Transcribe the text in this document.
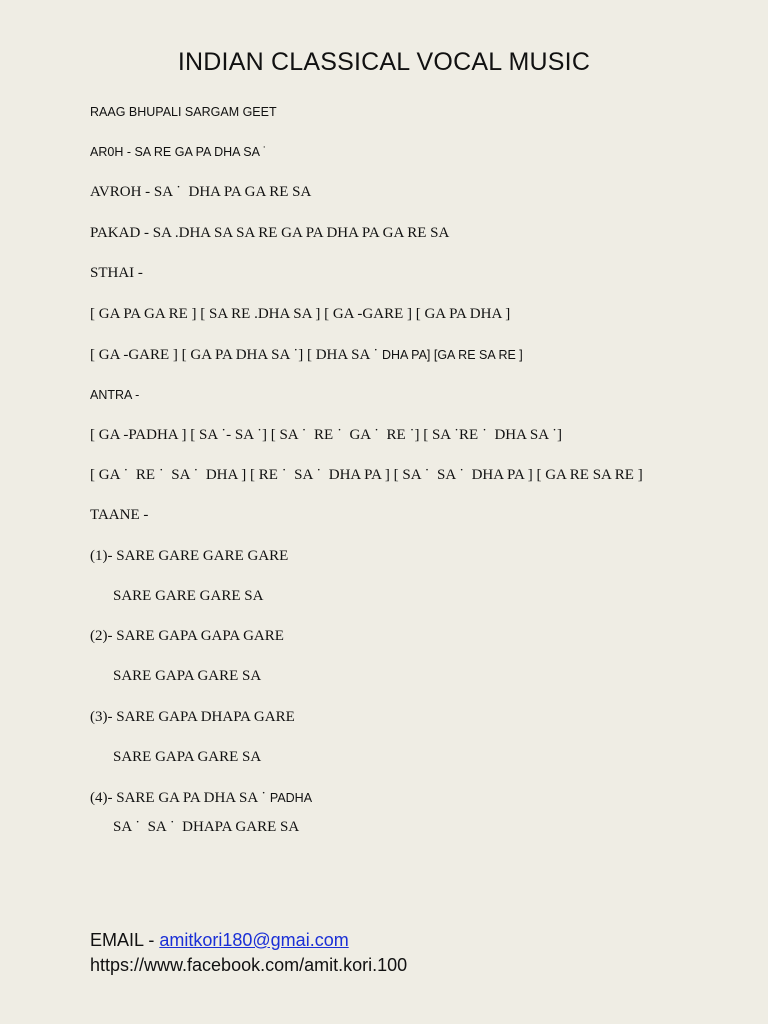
INDIAN CLASSICAL VOCAL MUSIC
RAAG BHUPALI SARGAM GEET
AR0H - SA RE GA PA DHA SA ˙
AVROH - SA ˙  DHA PA GA RE SA
PAKAD - SA .DHA SA SA RE GA PA DHA PA GA RE SA
STHAI -
[ GA PA GA RE ] [ SA RE .DHA SA ] [ GA -GARE ] [ GA PA DHA ]
[ GA -GARE ] [ GA PA DHA SA ˙] [ DHA SA ˙ DHA PA] [GA RE SA RE ]
ANTRA -
[ GA -PADHA ] [ SA ˙- SA ˙] [ SA ˙  RE ˙  GA ˙  RE ˙] [ SA ˙RE ˙  DHA SA ˙]
[ GA ˙  RE ˙  SA ˙  DHA ] [ RE ˙  SA ˙  DHA PA ] [ SA ˙  SA ˙  DHA PA ] [ GA RE SA RE ]
TAANE -
(1)- SARE GARE GARE GARE
SARE GARE GARE SA
(2)- SARE GAPA GAPA GARE
SARE GAPA GARE SA
(3)- SARE GAPA DHAPA GARE
SARE GAPA GARE SA
(4)- SARE GA PA DHA SA ˙ PADHA
SA ˙  SA ˙  DHAPA GARE SA
EMAIL - amitkori180@gmai.com
https://www.facebook.com/amit.kori.100
